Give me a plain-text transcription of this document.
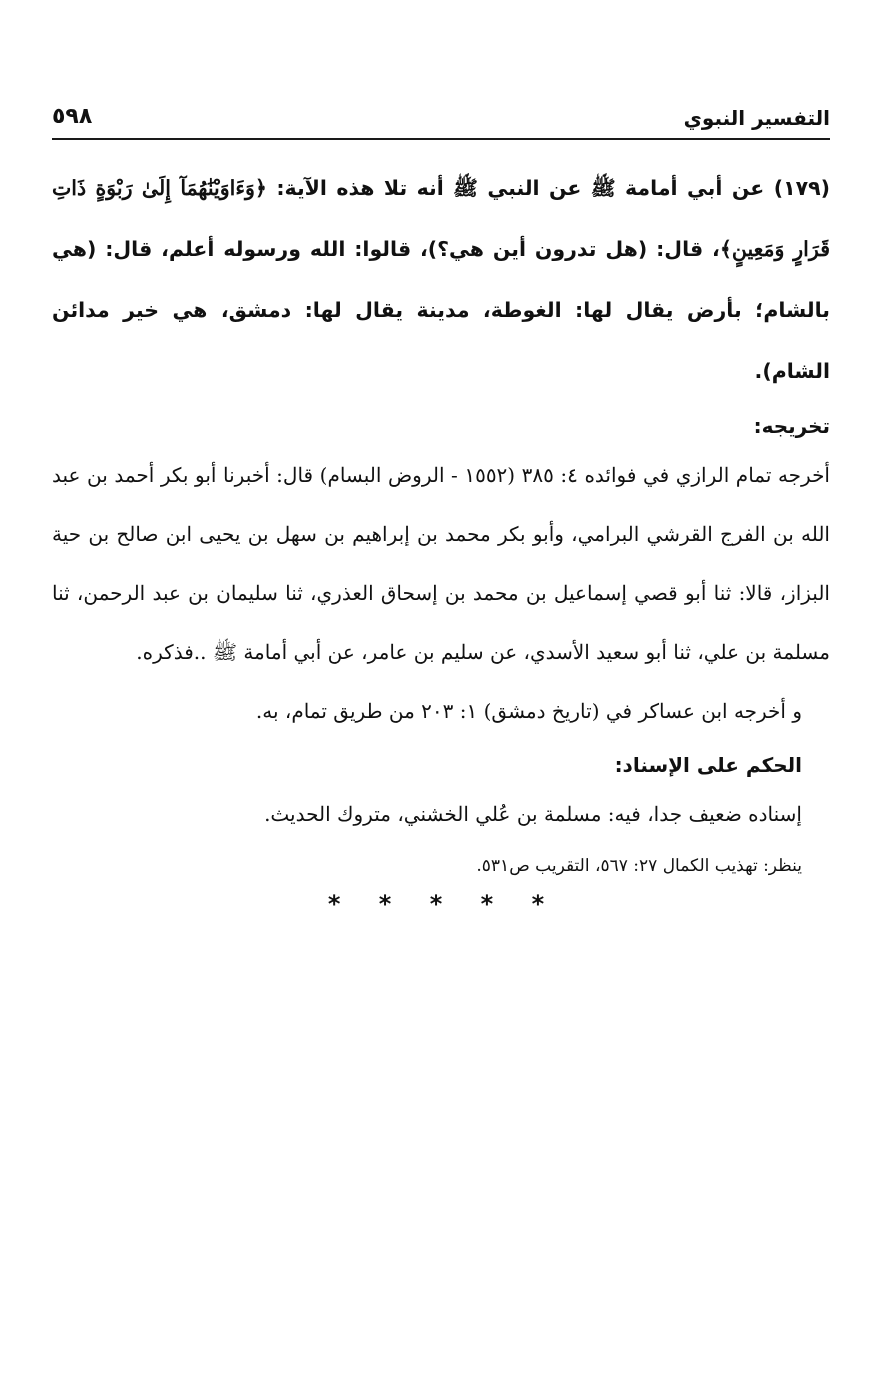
التفسير النبوي
٥٩٨

(١٧٩) عن أبي أمامة ﷺ عن النبي ﷺ أنه تلا هذه الآية: ﴿وَءَاوَيْنَٰهُمَآ إِلَىٰ رَبْوَةٍ ذَاتِ قَرَارٍ وَمَعِينٍ﴾، قال: (هل تدرون أين هي؟)، قالوا: الله ورسوله أعلم، قال: (هي بالشام؛ بأرض يقال لها: الغوطة، مدينة يقال لها: دمشق، هي خير مدائن الشام).

تخريجه:

أخرجه تمام الرازي في فوائده ٤: ٣٨٥ (١٥٥٢ - الروض البسام) قال: أخبرنا أبو بكر أحمد بن عبد الله بن الفرج القرشي البرامي، وأبو بكر محمد بن إبراهيم بن سهل بن يحيى ابن صالح بن حية البزاز، قالا: ثنا أبو قصي إسماعيل بن محمد بن إسحاق العذري، ثنا سليمان بن عبد الرحمن، ثنا مسلمة بن علي، ثنا أبو سعيد الأسدي، عن سليم بن عامر، عن أبي أمامة ﷺ ..فذكره.

و أخرجه ابن عساكر في (تاريخ دمشق) ١: ٢٠٣ من طريق تمام، به.

الحكم على الإسناد:

إسناده ضعيف جدا، فيه: مسلمة بن عُلي الخشني، متروك الحديث.

ينظر: تهذيب الكمال ٢٧: ٥٦٧، التقريب ص٥٣١.

* * * * *
